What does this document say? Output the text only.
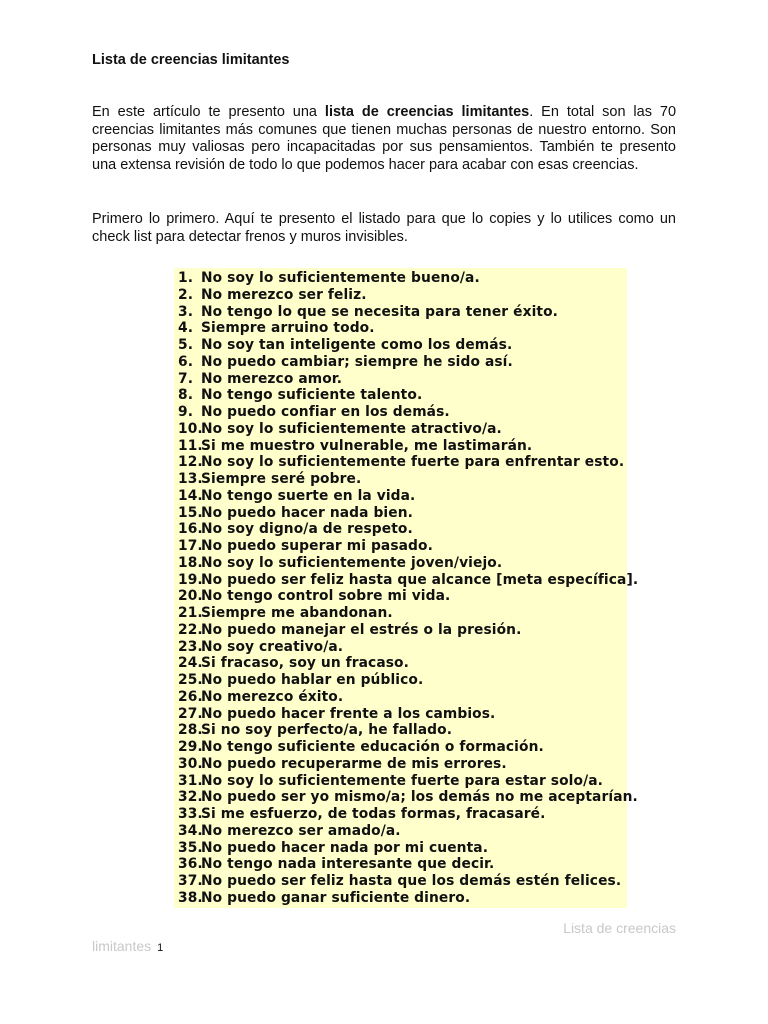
Lista de creencias limitantes

En este artículo te presento una lista de creencias limitantes. En total son las 70 creencias limitantes más comunes que tienen muchas personas de nuestro entorno. Son personas muy valiosas pero incapacitadas por sus pensamientos. También te presento una extensa revisión de todo lo que podemos hacer para acabar con esas creencias.

Primero lo primero. Aquí te presento el listado para que lo copies y lo utilices como un check list para detectar frenos y muros invisibles.

1. No soy lo suficientemente bueno/a.
2. No merezco ser feliz.
3. No tengo lo que se necesita para tener éxito.
4. Siempre arruino todo.
5. No soy tan inteligente como los demás.
6. No puedo cambiar; siempre he sido así.
7. No merezco amor.
8. No tengo suficiente talento.
9. No puedo confiar en los demás.
10.
No soy lo suficientemente atractivo/a.
11.
Si me muestro vulnerable, me lastimarán.
12.
No soy lo suficientemente fuerte para enfrentar esto.
13.
Siempre seré pobre.
14.
No tengo suerte en la vida.
15.
No puedo hacer nada bien.
16.
No soy digno/a de respeto.
17.
No puedo superar mi pasado.
18.
No soy lo suficientemente joven/viejo.
19.
No puedo ser feliz hasta que alcance [meta específica].
20.
No tengo control sobre mi vida.
21.
Siempre me abandonan.
22.
No puedo manejar el estrés o la presión.
23.
No soy creativo/a.
24.
Si fracaso, soy un fracaso.
25.
No puedo hablar en público.
26.
No merezco éxito.
27.
No puedo hacer frente a los cambios.
28.
Si no soy perfecto/a, he fallado.
29.
No tengo suficiente educación o formación.
30.
No puedo recuperarme de mis errores.
31.
No soy lo suficientemente fuerte para estar solo/a.
32.
No puedo ser yo mismo/a; los demás no me aceptarían.
33.
Si me esfuerzo, de todas formas, fracasaré.
34.
No merezco ser amado/a.
35.
No puedo hacer nada por mi cuenta.
36.
No tengo nada interesante que decir.
37.
No puedo ser feliz hasta que los demás estén felices.
38.
No puedo ganar suficiente dinero.
Lista de creencias
limitantes 1
